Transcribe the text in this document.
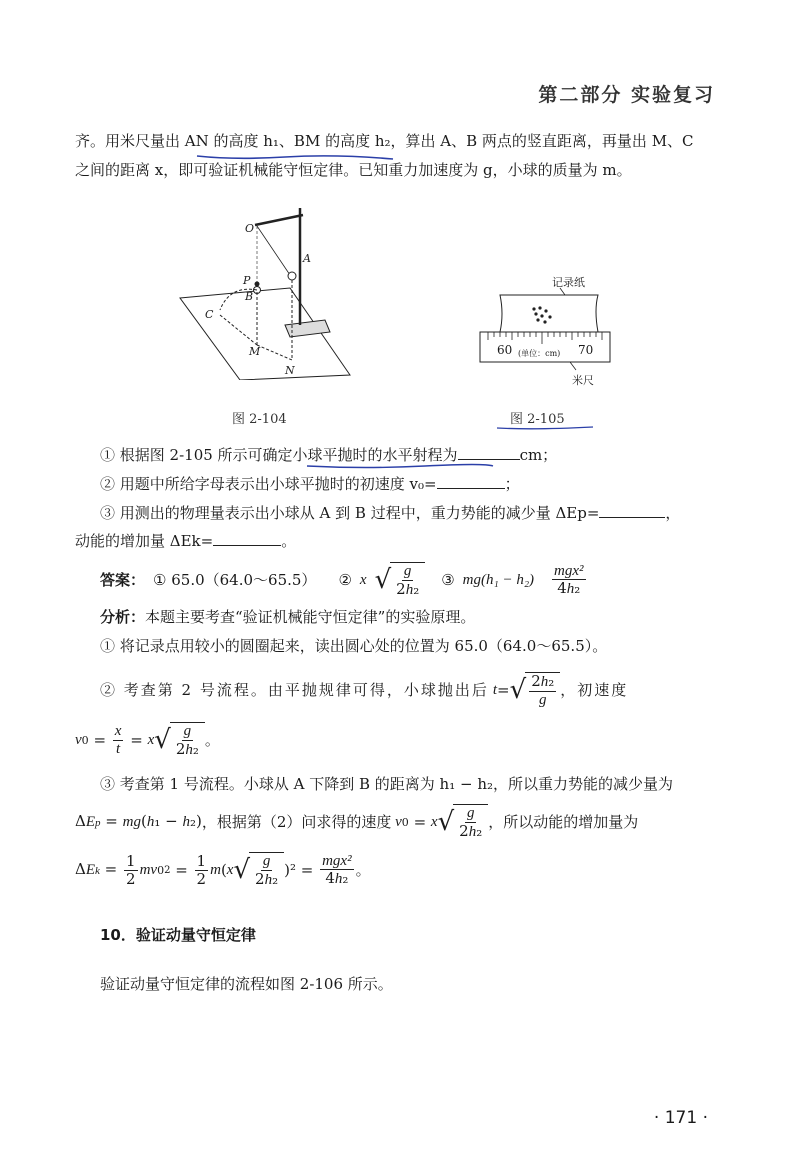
第二部分 实验复习
齐。用米尺量出 AN 的高度 h₁、BM 的高度 h₂，算出 A、B 两点的竖直距离，再量出 M、C
之间的距离 x，即可验证机械能守恒定律。已知重力加速度为 g，小球的质量为 m。
O
A
P
B
C
M
N
图 2-104
记录纸
60	70
(单位：cm)
米尺
图 2-105
① 根据图 2-105 所示可确定小球平抛时的水平射程为	cm；
② 用题中所给字母表示出小球平抛时的初速度 v₀=	；
③ 用测出的物理量表示出小球从 A 到 B 过程中，重力势能的减少量 ΔEp=	，
动能的增加量 ΔEk=	。
答案： ① 65.0（64.0～65.5） ② x √ $\frac{g}{\text{2h₂}}$ ③ $mg(h_1 - h_2) \frac{\text{mgx²}}{\text{4h₂}}$
分析：本题主要考查“验证机械能守恒定律”的实验原理。
① 将记录点用较小的圆圈起来，读出圆心处的位置为 65.0（64.0～65.5）。
② 考查第 2 号流程。由平抛规律可得，小球抛出后 t = √ $\frac{\text{2h₂}}{g}$ ，初速度
v $0 = \frac{x}{t} = x$ √ $\frac{g}{\text{2h₂}}$ 。
③ 考查第 1 号流程。小球从 A 下降到 B 的距离为 h₁ − h₂，所以重力势能的减少量为
ΔEp = mg(h₁ − h₂) ，根据第（2）问求得的速度 v 0 = x √ $\frac{g}{\text{2h₂}}$ ，所以动能的增加量为
$\Delta Ek = \frac{1}{2}$ mv 0 $2 = \frac{1}{2}$ m ( x √ $\frac{g}{\text{2h₂}} )^2 = \frac{\text{mgx²}}{\text{4h₂}}$ 。
10．验证动量守恒定律
验证动量守恒定律的流程如图 2-106 所示。
· 171 ·
